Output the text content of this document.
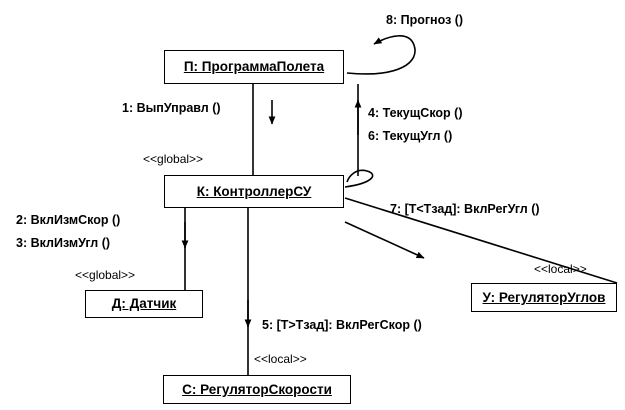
П: ПрограммаПолета
К: КонтроллерСУ
Д: Датчик	У: РегуляторУглов
С: РегуляторСкорости
1: ВыпУправл ()
2: ВклИзмСкор ()
3: ВклИзмУгл ()
4: ТекущСкор ()
6: ТекущУгл ()
5: [T>Тзад]: ВклРегСкор ()
7: [T<Тзад]: ВклРегУгл ()
8: Прогноз ()
<<global>>
<<global>>
<<local>>
<<local>>
